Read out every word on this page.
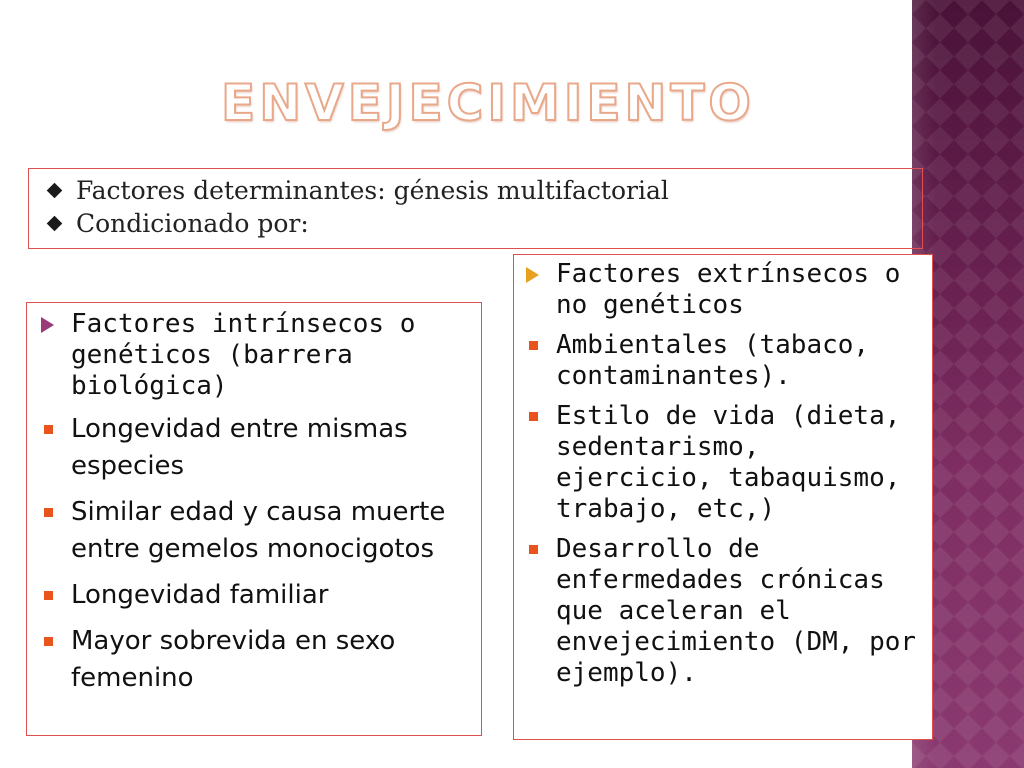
ENVEJECIMIENTO
Factores determinantes: génesis multifactorial
Condicionado por:
Factores intrínsecos o genéticos (barrera biológica)
Longevidad entre mismas especies
Similar edad y causa muerte entre gemelos monocigotos
Longevidad familiar
Mayor sobrevida en sexo femenino
Factores extrínsecos o no genéticos
Ambientales (tabaco, contaminantes).
Estilo de vida (dieta, sedentarismo, ejercicio, tabaquismo, trabajo, etc,)
Desarrollo de enfermedades crónicas que aceleran el envejecimiento (DM, por ejemplo).
